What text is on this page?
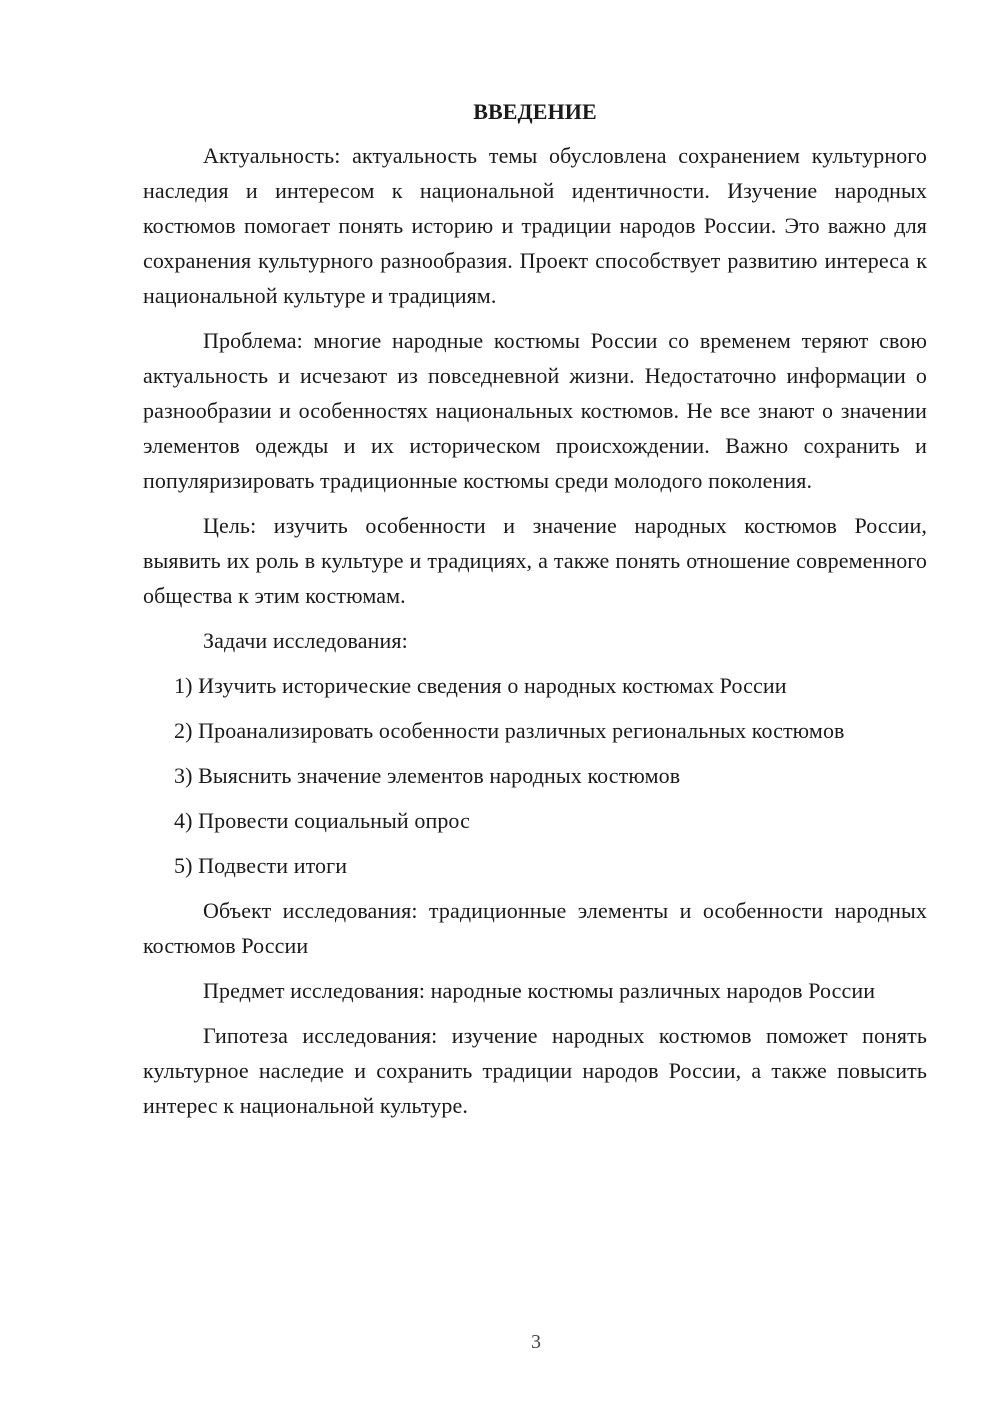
ВВЕДЕНИЕ

Актуальность: актуальность темы обусловлена сохранением культурного наследия и интересом к национальной идентичности. Изучение народных костюмов помогает понять историю и традиции народов России. Это важно для сохранения культурного разнообразия. Проект способствует развитию интереса к национальной культуре и традициям.

Проблема: многие народные костюмы России со временем теряют свою актуальность и исчезают из повседневной жизни. Недостаточно информации о разнообразии и особенностях национальных костюмов. Не все знают о значении элементов одежды и их историческом происхождении. Важно сохранить и популяризировать традиционные костюмы среди молодого поколения.

Цель: изучить особенности и значение народных костюмов России, выявить их роль в культуре и традициях, а также понять отношение современного общества к этим костюмам.

Задачи исследования:

1) Изучить исторические сведения о народных костюмах России

2) Проанализировать особенности различных региональных костюмов

3) Выяснить значение элементов народных костюмов

4) Провести социальный опрос

5) Подвести итоги

Объект исследования: традиционные элементы и особенности народных костюмов России

Предмет исследования: народные костюмы различных народов России

Гипотеза исследования: изучение народных костюмов поможет понять культурное наследие и сохранить традиции народов России, а также повысить интерес к национальной культуре.

3
